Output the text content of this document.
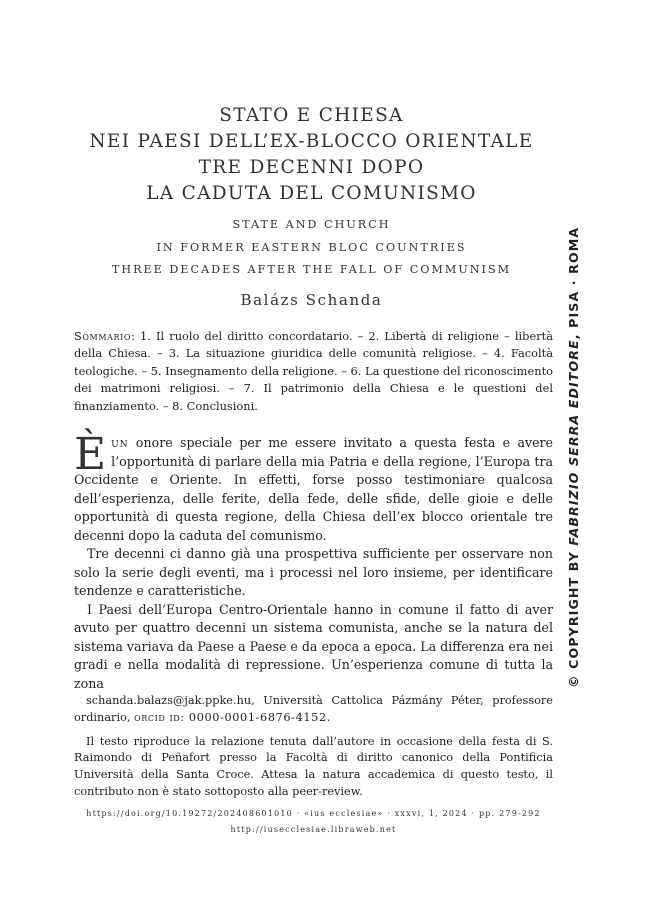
STATO E CHIESA
NEI PAESI DELL’EX-BLOCCO ORIENTALE
TRE DECENNI DOPO
LA CADUTA DEL COMUNISMO
STATE AND CHURCH
IN FORMER EASTERN BLOC COUNTRIES
THREE DECADES AFTER THE FALL OF COMMUNISM
Balázs Schanda
Sommario: 1. Il ruolo del diritto concordatario. – 2. Libertà di religione – libertà della Chiesa. – 3. La situazione giuridica delle comunità religiose. – 4. Facoltà teologiche. – 5. Insegnamento della religione. – 6. La questione del riconoscimento dei matrimoni religiosi. – 7. Il patrimonio della Chiesa e le questioni del finanziamento. – 8. Conclusioni.

Èun onore speciale per me essere invitato a questa festa e avere l’opportunità di parlare della mia Patria e della regione, l’Europa tra Occidente e Oriente. In effetti, forse posso testimoniare qualcosa dell’esperienza, delle ferite, della fede, delle sfide, delle gioie e delle opportunità di questa regione, della Chiesa dell’ex blocco orientale tre decenni dopo la caduta del comunismo.

Tre decenni ci danno già una prospettiva sufficiente per osservare non solo la serie degli eventi, ma i processi nel loro insieme, per identificare tendenze e caratteristiche.

I Paesi dell’Europa Centro-Orientale hanno in comune il fatto di aver avuto per quattro decenni un sistema comunista, anche se la natura del sistema variava da Paese a Paese e da epoca a epoca. La differenza era nei gradi e nella modalità di repressione. Un’esperienza comune di tutta la zona

schanda.balazs@jak.ppke.hu, Università Cattolica Pázmány Péter, professore ordinario, orcid id: 0000-0001-6876-4152.

Il testo riproduce la relazione tenuta dall’autore in occasione della festa di S. Raimondo di Peñafort presso la Facoltà di diritto canonico della Pontificia Università della Santa Croce. Attesa la natura accademica di questo testo, il contributo non è stato sottoposto alla peer-review.

https://doi.org/10.19272/202408601010 · «ius ecclesiae» · xxxvi, 1, 2024 · pp. 279-292
http://iusecclesiae.libraweb.net
© COPYRIGHT BY FABRIZIO SERRA EDITORE, PISA · ROMA
